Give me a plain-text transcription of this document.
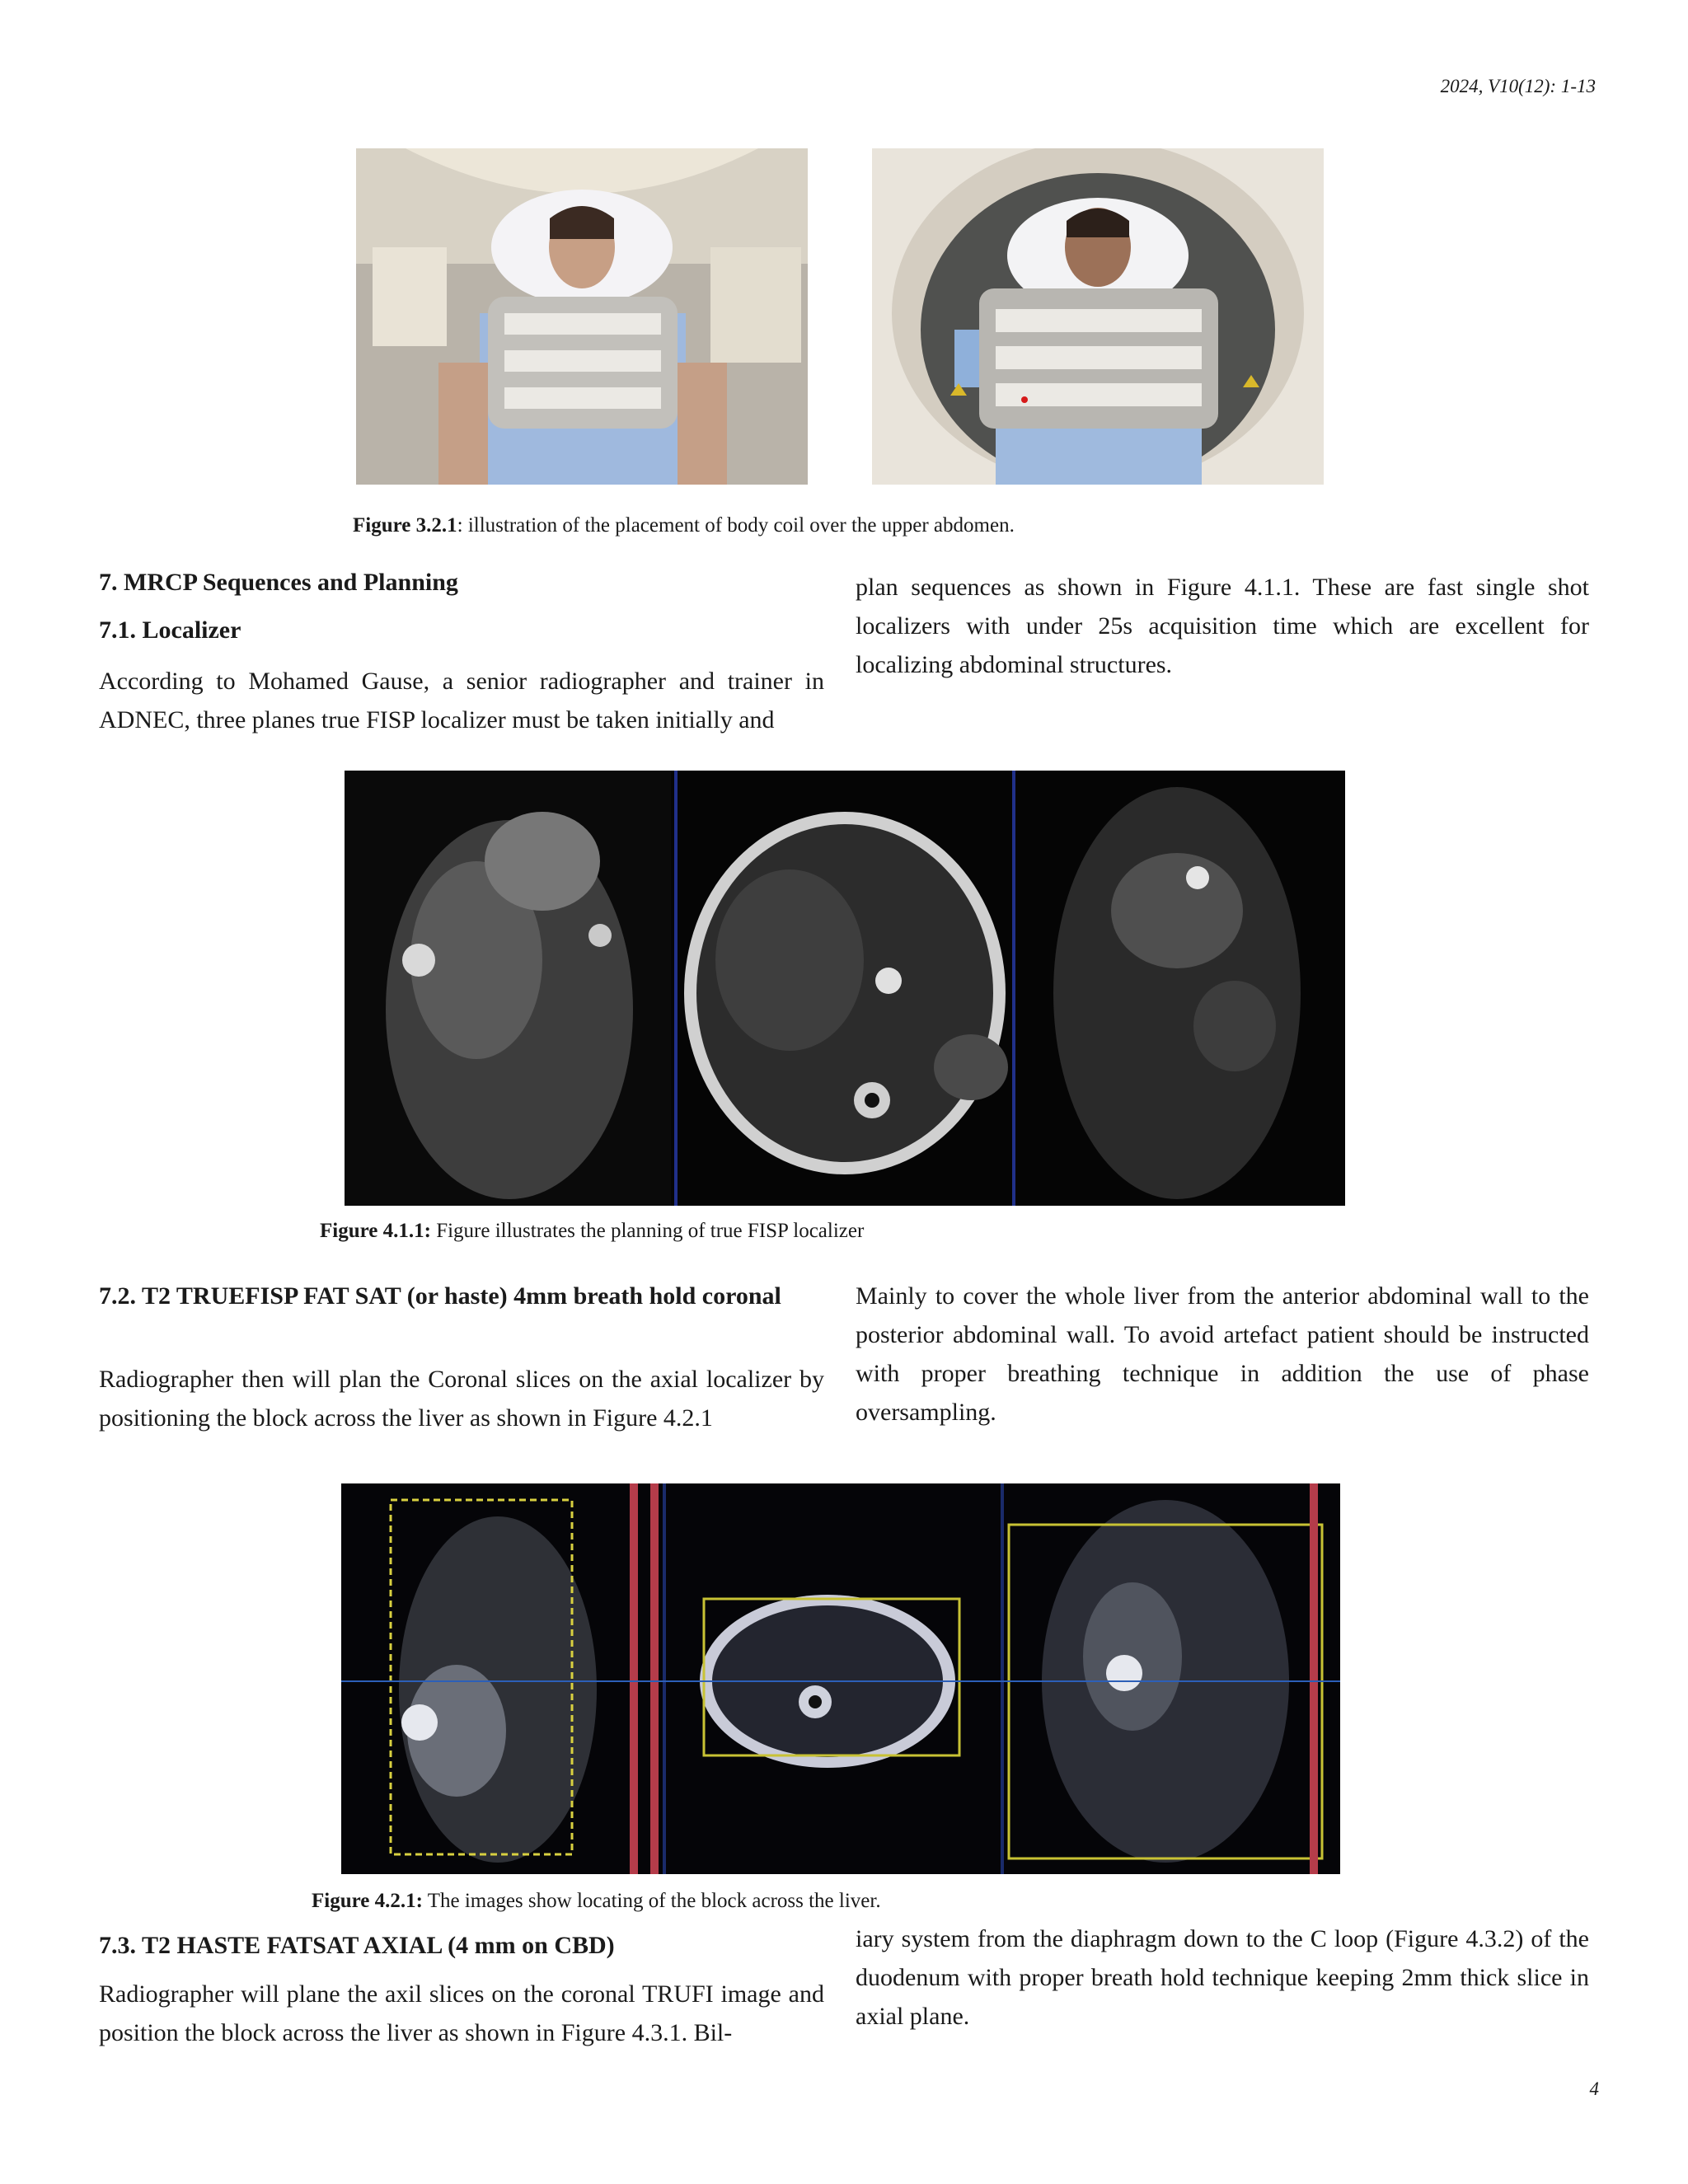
2024, V10(12): 1-13
Figure 3.2.1: illustration of the placement of body coil over the upper abdomen.
7. MRCP Sequences and Planning
7.1. Localizer
According to Mohamed Gause, a senior radiographer and trainer in ADNEC, three planes true FISP localizer must be taken initially and
plan sequences as shown in Figure 4.1.1. These are fast single shot localizers with under 25s acquisition time which are excellent for localizing abdominal structures.
Figure 4.1.1: Figure illustrates the planning of true FISP localizer
7.2. T2 TRUEFISP FAT SAT (or haste) 4mm breath hold coronal
Radiographer then will plan the Coronal slices on the axial localizer by positioning the block across the liver as shown in Figure 4.2.1
Mainly to cover the whole liver from the anterior abdominal wall to the posterior abdominal wall. To avoid artefact patient should be instructed with proper breathing technique in addition the use of phase oversampling.
Figure 4.2.1: The images show locating of the block across the liver.
7.3. T2 HASTE FATSAT AXIAL (4 mm on CBD)
Radiographer will plane the axil slices on the coronal TRUFI image and position the block across the liver as shown in Figure 4.3.1. Bil-
iary system from the diaphragm down to the C loop (Figure 4.3.2) of the duodenum with proper breath hold technique keeping 2mm thick slice in axial plane.
4
